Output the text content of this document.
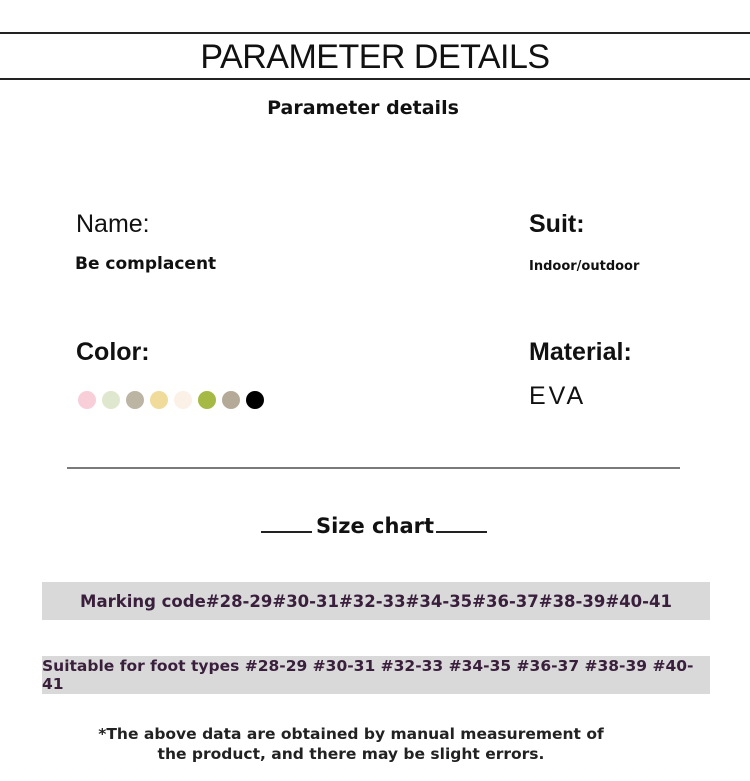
PARAMETER DETAILS
Parameter details
Name:
Be complacent
Suit:
Indoor/outdoor
Color:	Material:
EVA
Size chart
Marking code#28-29#30-31#32-33#34-35#36-37#38-39#40-41
Suitable for foot types #28-29 #30-31 #32-33 #34-35 #36-37 #38-39 #40-41
*The above data are obtained by manual measurement of
the product, and there may be slight errors.
